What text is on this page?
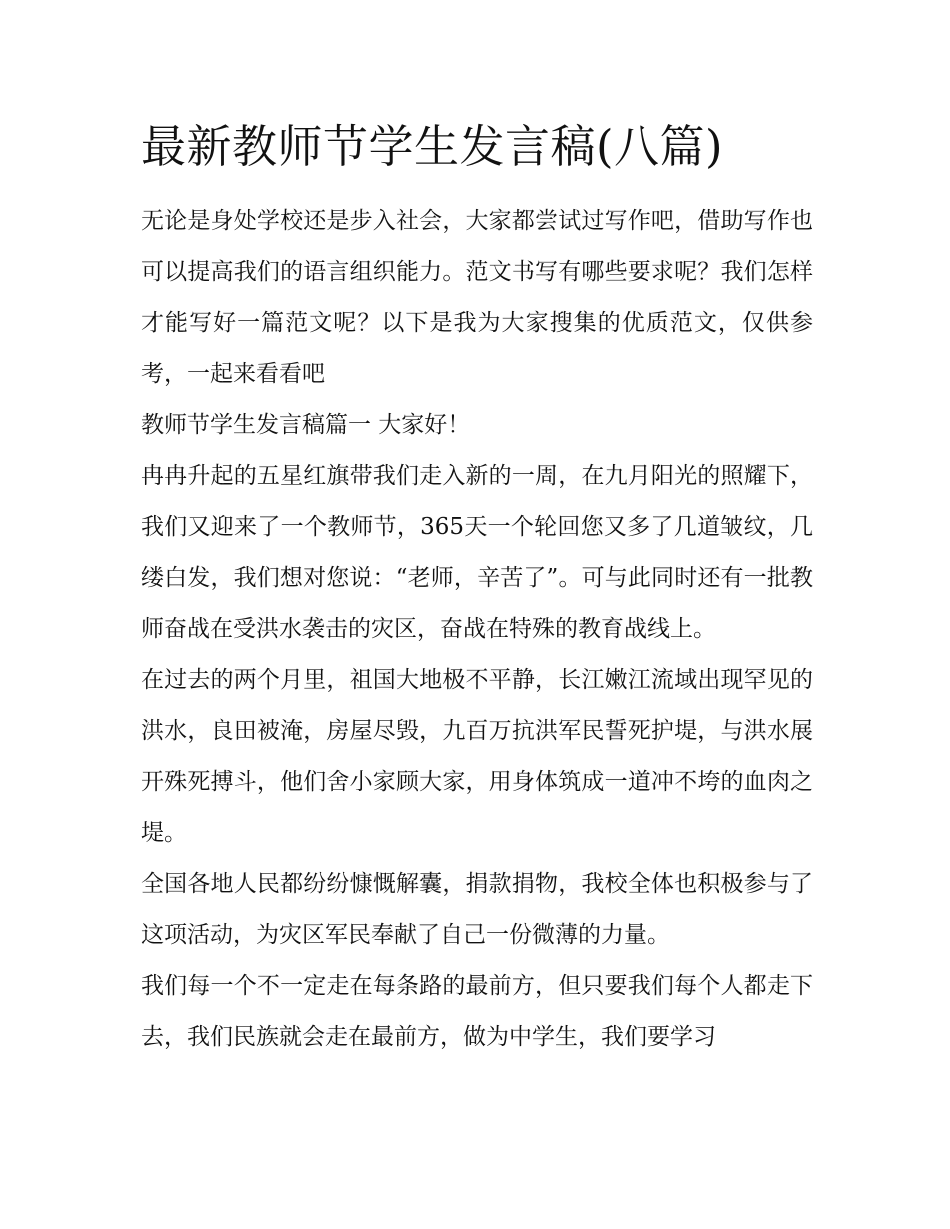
最新教师节学生发言稿(八篇)

无论是身处学校还是步入社会，大家都尝试过写作吧，借助写作也可以提高我们的语言组织能力。范文书写有哪些要求呢？我们怎样才能写好一篇范文呢？以下是我为大家搜集的优质范文，仅供参考，一起来看看吧

教师节学生发言稿篇一 大家好！

冉冉升起的五星红旗带我们走入新的一周，在九月阳光的照耀下，我们又迎来了一个教师节，365天一个轮回您又多了几道皱纹，几缕白发，我们想对您说：“老师，辛苦了”。可与此同时还有一批教师奋战在受洪水袭击的灾区，奋战在特殊的教育战线上。

在过去的两个月里，祖国大地极不平静，长江嫩江流域出现罕见的洪水，良田被淹，房屋尽毁，九百万抗洪军民誓死护堤，与洪水展开殊死搏斗，他们舍小家顾大家，用身体筑成一道冲不垮的血肉之堤。

全国各地人民都纷纷慷慨解囊，捐款捐物，我校全体也积极参与了这项活动，为灾区军民奉献了自己一份微薄的力量。

我们每一个不一定走在每条路的最前方，但只要我们每个人都走下去，我们民族就会走在最前方，做为中学生，我们要学习
